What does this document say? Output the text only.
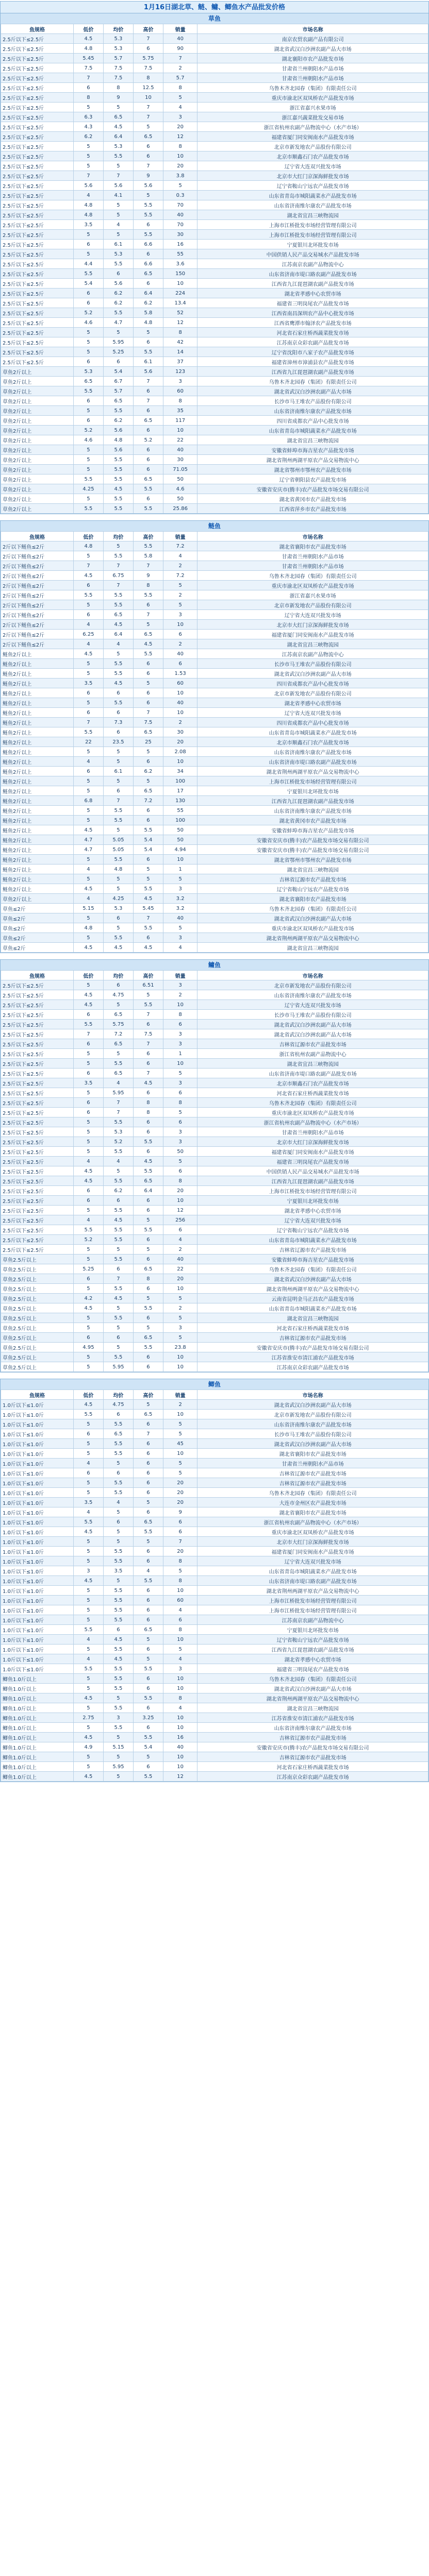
1月16日湖北草、鲢、鳙、鲫鱼水产品批发价格
草鱼
鱼规格	低价	均价	高价	销量	市场名称
2.5斤以下≤2.5斤	4.5	5.3	7	40	南京农贸农副产品有限公司
2.5斤以下≤2.5斤	4.8	5.3	6	90	湖北省武汉白沙洲农副产品大市场
2.5斤以下≤2.5斤	5.45	5.7	5.75	7	湖北襄阳市农产品批发市场
2.5斤以下≤2.5斤	7.5	7.5	7.5	2	甘肃省兰州朝阳水产品市场
2.5斤以下≤2.5斤	7	7.5	8	5.7	甘肃省兰州朝阳水产品市场
2.5斤以下≤2.5斤	6	8	12.5	8	乌鲁木齐北园春（集团）有限责任公司
2.5斤以下≤2.5斤	8	9	10	5	重庆市渝北区双凤桥农产品批发市场
2.5斤以下≤2.5斤	5	5	7	4	浙江省嘉兴水果市场
2.5斤以下≤2.5斤	6.3	6.5	7	3	浙江嘉兴蔬菜批发交易市场
2.5斤以下≤2.5斤	4.3	4.5	5	20	浙江省杭州农副产品物流中心（水产市场）
2.5斤以下≤2.5斤	6.2	6.4	6.5	12	福建省厦门同安闽南水产品批发市场
2.5斤以下≤2.5斤	5	5.3	6	8	北京市新发地农产品股份有限公司
2.5斤以下≤2.5斤	5	5.5	6	10	北京市顺鑫石门农产品批发市场
2.5斤以下≤2.5斤	5	5	7	20	辽宁省大连双兴批发市场
2.5斤以下≤2.5斤	7	7	9	3.8	北京市大红门京深海鲜批发市场
2.5斤以下≤2.5斤	5.6	5.6	5.6	5	辽宁省鞍山宁远农产品批发市场
2.5斤以下≤2.5斤	4	4.1	5	0.3	山东省青岛市城阳蔬菜水产品批发市场
2.5斤以下≤2.5斤	4.8	5	5.5	70	山东省济南维尔康农产品批发市场
2.5斤以下≤2.5斤	4.8	5	5.5	40	湖北省宜昌三峡物流园
2.5斤以下≤2.5斤	3.5	4	6	70	上海市江桥批发市场经营管理有限公司
2.5斤以下≤2.5斤	5	5	5.5	30	上海市江桥批发市场经营管理有限公司
2.5斤以下≤2.5斤	6	6.1	6.6	16	宁夏银川北环批发市场
2.5斤以下≤2.5斤	5	5.3	6	55	中国供销人民产品交易城水产品批发市场
2.5斤以下≤2.5斤	4.4	5.5	6.6	3.6	江苏南京农副产品物流中心
2.5斤以下≤2.5斤	5.5	6	6.5	150	山东省济南市堤口路农副产品批发市场
2.5斤以下≤2.5斤	5.4	5.6	6	10	江西省九江琵琶湖农副产品批发市场
2.5斤以下≤2.5斤	6	6.2	6.4	224	湖北省孝感中心农贸市场
2.5斤以下≤2.5斤	6	6.2	6.2	13.4	福建省三明岗尾农产品批发市场
2.5斤以下≤2.5斤	5.2	5.5	5.8	52	江西省南昌深圳农产品中心批发市场
2.5斤以下≤2.5斤	4.6	4.7	4.8	12	江西省鹰潭市翰泽农产品批发市场
2.5斤以下≤2.5斤	5	5	5	8	河北省石家庄桥西蔬菜批发市场
2.5斤以下≤2.5斤	5	5.95	6	42	江苏南京众彩农副产品批发市场
2.5斤以下≤2.5斤	5	5.25	5.5	14	辽宁省沈阳市八家子农产品批发市场
2.5斤以下≤2.5斤	6	6	6.1	37	福建省漳州市漳浦县农产品批发市场
草鱼2斤以上	5.3	5.4	5.6	123	江西省九江琵琶湖农副产品批发市场
草鱼2斤以上	6.5	6.7	7	3	乌鲁木齐北园春（集团）有限责任公司
草鱼2斤以上	5.5	5.7	6	60	湖北省武汉白沙洲农副产品大市场
草鱼2斤以上	6	6.5	7	8	长沙市马王堆农产品股份有限公司
草鱼2斤以上	5	5.5	6	35	山东省济南维尔康农产品批发市场
草鱼2斤以上	6	6.2	6.5	117	四川省成都农产品中心批发市场
草鱼2斤以上	5.2	5.6	6	10	山东省青岛市城阳蔬菜水产品批发市场
草鱼2斤以上	4.6	4.8	5.2	22	湖北省宜昌三峡物流园
草鱼2斤以上	5	5.6	6	40	安徽省蚌埠市海吉星农产品批发市场
草鱼2斤以上	5	5.5	6	30	湖北省荆州两湖平原农产品交易物流中心
草鱼2斤以上	5	5.5	6	71.05	湖北省鄂州市鄂州农产品批发市场
草鱼2斤以上	5.5	5.5	6.5	50	辽宁省朝阳县农产品批发市场
草鱼2斤以上	4.25	4.5	5.5	4.6	安徽省安庆市(腾丰)农产品批发市场交易有限公司
草鱼2斤以上	5	5.5	6	50	湖北省黄冈市农产品批发市场
草鱼2斤以上	5.5	5.5	5.5	25.86	江西省萍乡市农产品批发市场
鲢鱼
鱼规格	低价	均价	高价	销量	市场名称
2斤以下鲢鱼≤2斤	4.8	5	5.5	7.2	湖北省襄阳市农产品批发市场
2斤以下鲢鱼≤2斤	5	5.5	5.8	4	甘肃省兰州朝阳水产品市场
2斤以下鲢鱼≤2斤	7	7	7	2	甘肃省兰州朝阳水产品市场
2斤以下鲢鱼≤2斤	4.5	6.75	9	7.2	乌鲁木齐北园春（集团）有限责任公司
2斤以下鲢鱼≤2斤	6	7	8	5	重庆市渝北区双凤桥农产品批发市场
2斤以下鲢鱼≤2斤	5.5	5.5	5.5	2	浙江省嘉兴水果市场
2斤以下鲢鱼≤2斤	5	5.5	6	5	北京市新发地农产品股份有限公司
2斤以下鲢鱼≤2斤	6	6.5	7	3	辽宁省大连双兴批发市场
2斤以下鲢鱼≤2斤	4	4.5	5	10	北京市大红门京深海鲜批发市场
2斤以下鲢鱼≤2斤	6.25	6.4	6.5	6	福建省厦门同安闽南水产品批发市场
2斤以下鲢鱼≤2斤	4	4	4.5	2	湖北省宜昌三峡物流园
鲢鱼2斤以上	4.5	5	5.5	40	江苏南京农副产品物流中心
鲢鱼2斤以上	5	5.5	6	6	长沙市马王堆农产品股份有限公司
鲢鱼2斤以上	5	5.5	6	1.53	湖北省武汉白沙洲农副产品大市场
鲢鱼2斤以上	3.5	4.5	5	60	四川省成都农产品中心批发市场
鲢鱼2斤以上	6	6	6	10	北京市新发地农产品股份有限公司
鲢鱼2斤以上	5	5.5	6	40	湖北省孝感中心农贸市场
鲢鱼2斤以上	6	6	7	10	辽宁省大连双兴批发市场
鲢鱼2斤以上	7	7.3	7.5	2	四川省成都农产品中心批发市场
鲢鱼2斤以上	5.5	6	6.5	30	山东省青岛市城阳蔬菜水产品批发市场
鲢鱼2斤以上	22	23.5	25	20	北京市顺鑫石门农产品批发市场
鲢鱼2斤以上	5	5	5	2.08	山东省济南维尔康农产品批发市场
鲢鱼2斤以上	4	5	6	10	山东省济南市堤口路农副产品批发市场
鲢鱼2斤以上	6	6.1	6.2	34	湖北省荆州两湖平原农产品交易物流中心
鲢鱼2斤以上	5	5	5	100	上海市江桥批发市场经营管理有限公司
鲢鱼2斤以上	5	6	6.5	17	宁夏银川北环批发市场
鲢鱼2斤以上	6.8	7	7.2	130	江西省九江琵琶湖农副产品批发市场
鲢鱼2斤以上	5	5.5	6	55	山东省济南维尔康农产品批发市场
鲢鱼2斤以上	5	5.5	6	100	湖北省黄冈市农产品批发市场
鲢鱼2斤以上	4.5	5	5.5	50	安徽省蚌埠市海吉星农产品批发市场
鲢鱼2斤以上	4.7	5.05	5.4	50	安徽省安庆市(腾丰)农产品批发市场交易有限公司
鲢鱼2斤以上	4.7	5.05	5.4	4.94	安徽省安庆市(腾丰)农产品批发市场交易有限公司
鲢鱼2斤以上	5	5.5	6	10	湖北省鄂州市鄂州农产品批发市场
鲢鱼2斤以上	4	4.8	5	1	湖北省宜昌三峡物流园
鲢鱼2斤以上	5	5	5	5	吉林省辽源市农产品批发市场
鲢鱼2斤以上	4.5	5	5.5	3	辽宁省鞍山宁远农产品批发市场
草鱼2斤以上	4	4.25	4.5	3.2	湖北省襄阳市农产品批发市场
草鱼≤2斤	5.15	5.3	5.45	3.2	乌鲁木齐北园春（集团）有限责任公司
草鱼≤2斤	5	6	7	40	湖北省武汉白沙洲农副产品大市场
草鱼≤2斤	4.8	5	5.5	5	重庆市渝北区双凤桥农产品批发市场
草鱼≤2斤	5	5.5	6	3	湖北省荆州两湖平原农产品交易物流中心
草鱼≤2斤	4.5	4.5	4.5	4	湖北省宜昌三峡物流园
鳙鱼
鱼规格	低价	均价	高价	销量	市场名称
2.5斤以下≤2.5斤	5	6	6.51	3	北京市新发地农产品股份有限公司
2.5斤以下≤2.5斤	4.5	4.75	5	2	山东省济南维尔康农产品批发市场
2.5斤以下≤2.5斤	4.5	5	5.5	10	辽宁省大连双兴批发市场
2.5斤以下≤2.5斤	6	6.5	7	8	长沙市马王堆农产品股份有限公司
2.5斤以下≤2.5斤	5.5	5.75	6	6	湖北省武汉白沙洲农副产品大市场
2.5斤以下≤2.5斤	7	7.2	7.5	3	湖北省武汉白沙洲农副产品大市场
2.5斤以下≤2.5斤	6	6.5	7	3	吉林省辽源市农产品批发市场
2.5斤以下≤2.5斤	5	5	6	1	浙江省杭州农副产品物流中心
2.5斤以下≤2.5斤	5	5.5	6	10	湖北省宜昌三峡物流园
2.5斤以下≤2.5斤	6	6.5	7	5	山东省济南市堤口路农副产品批发市场
2.5斤以下≤2.5斤	3.5	4	4.5	3	北京市顺鑫石门农产品批发市场
2.5斤以下≤2.5斤	5	5.95	6	6	河北省石家庄桥西蔬菜批发市场
2.5斤以下≤2.5斤	6	7	8	8	乌鲁木齐北园春（集团）有限责任公司
2.5斤以下≤2.5斤	6	7	8	5	重庆市渝北区双凤桥农产品批发市场
2.5斤以下≤2.5斤	5	5.5	6	6	浙江省杭州农副产品物流中心（水产市场）
2.5斤以下≤2.5斤	5	5.3	6	3	甘肃省兰州朝阳水产品市场
2.5斤以下≤2.5斤	5	5.2	5.5	3	北京市大红门京深海鲜批发市场
2.5斤以下≤2.5斤	5	5.5	6	50	福建省厦门同安闽南水产品批发市场
2.5斤以下≤2.5斤	4	4	4.5	5	福建省三明岗尾农产品批发市场
2.5斤以下≤2.5斤	4.5	5	5.5	6	中国供销人民产品交易城水产品批发市场
2.5斤以下≤2.5斤	4.5	5.5	6.5	8	江西省九江琵琶湖农副产品批发市场
2.5斤以下≤2.5斤	6	6.2	6.4	20	上海市江桥批发市场经营管理有限公司
2.5斤以下≤2.5斤	6	6	6	10	宁夏银川北环批发市场
2.5斤以下≤2.5斤	5	5.5	6	12	湖北省孝感中心农贸市场
2.5斤以下≤2.5斤	4	4.5	5	256	辽宁省大连双兴批发市场
2.5斤以下≤2.5斤	5.5	5.5	5.5	6	辽宁省鞍山宁远农产品批发市场
2.5斤以下≤2.5斤	5.2	5.5	6	4	山东省青岛市城阳蔬菜水产品批发市场
2.5斤以下≤2.5斤	5	5	5	2	吉林省辽源市农产品批发市场
草鱼2.5斤以上	5	5.5	6	40	安徽省蚌埠市海吉星农产品批发市场
草鱼2.5斤以上	5.25	6	6.5	22	乌鲁木齐北园春（集团）有限责任公司
草鱼2.5斤以上	6	7	8	20	湖北省武汉白沙洲农副产品大市场
草鱼2.5斤以上	5	5.5	6	10	湖北省荆州两湖平原农产品交易物流中心
草鱼2.5斤以上	4.2	4.5	5	5	云南省昆明金马正昌农产品批发市场
草鱼2.5斤以上	4.5	5	5.5	2	山东省青岛市城阳蔬菜水产品批发市场
草鱼2.5斤以上	5	5.5	6	5	湖北省宜昌三峡物流园
草鱼2.5斤以上	5	5	5	3	河北省石家庄桥西蔬菜批发市场
草鱼2.5斤以上	6	6	6.5	5	吉林省辽源市农产品批发市场
草鱼2.5斤以上	4.95	5	5.5	23.8	安徽省安庆市(腾丰)农产品批发市场交易有限公司
草鱼2.5斤以上	5	5.5	6	10	江苏省淮安市清江浦农产品批发市场
草鱼2.5斤以上	5	5.95	6	10	江苏南京众彩农副产品批发市场
鲫鱼
鱼规格	低价	均价	高价	销量	市场名称
1.0斤以下≤1.0斤	4.5	4.75	5	2	湖北省武汉白沙洲农副产品大市场
1.0斤以下≤1.0斤	5.5	6	6.5	10	北京市新发地农产品股份有限公司
1.0斤以下≤1.0斤	5	5.5	6	5	山东省济南维尔康农产品批发市场
1.0斤以下≤1.0斤	6	6.5	7	5	长沙市马王堆农产品股份有限公司
1.0斤以下≤1.0斤	5	5.5	6	45	湖北省武汉白沙洲农副产品大市场
1.0斤以下≤1.0斤	5	5.5	6	10	湖北省襄阳市农产品批发市场
1.0斤以下≤1.0斤	4	5	6	5	甘肃省兰州朝阳水产品市场
1.0斤以下≤1.0斤	6	6	6	5	吉林省辽源市农产品批发市场
1.0斤以下≤1.0斤	5	5.5	6	20	吉林省辽源市农产品批发市场
1.0斤以下≤1.0斤	5	5.5	6	20	乌鲁木齐北园春（集团）有限责任公司
1.0斤以下≤1.0斤	3.5	4	5	20	大连市金州区农产品批发市场
1.0斤以下≤1.0斤	4	5	6	9	湖北省襄阳市农产品批发市场
1.0斤以下≤1.0斤	5.5	6	6.5	6	浙江省杭州农副产品物流中心（水产市场）
1.0斤以下≤1.0斤	4.5	5	5.5	6	重庆市渝北区双凤桥农产品批发市场
1.0斤以下≤1.0斤	5	5	5	7	北京市大红门京深海鲜批发市场
1.0斤以下≤1.0斤	5	5.5	6	20	福建省厦门同安闽南水产品批发市场
1.0斤以下≤1.0斤	5	5.5	6	8	辽宁省大连双兴批发市场
1.0斤以下≤1.0斤	3	3.5	4	5	山东省青岛市城阳蔬菜水产品批发市场
1.0斤以下≤1.0斤	4.5	5	5.5	8	山东省济南市堤口路农副产品批发市场
1.0斤以下≤1.0斤	5	5.5	6	10	湖北省荆州两湖平原农产品交易物流中心
1.0斤以下≤1.0斤	5	5.5	6	60	上海市江桥批发市场经营管理有限公司
1.0斤以下≤1.0斤	5	5.5	6	4	上海市江桥批发市场经营管理有限公司
1.0斤以下≤1.0斤	5	5.5	6	6	江苏南京农副产品物流中心
1.0斤以下≤1.0斤	5.5	6	6.5	8	宁夏银川北环批发市场
1.0斤以下≤1.0斤	4	4.5	5	10	辽宁省鞍山宁远农产品批发市场
1.0斤以下≤1.0斤	5	5.5	6	5	江西省九江琵琶湖农副产品批发市场
1.0斤以下≤1.0斤	4	4.5	5	4	湖北省孝感中心农贸市场
1.0斤以下≤1.0斤	5.5	5.5	5.5	3	福建省三明岗尾农产品批发市场
鲫鱼1.0斤以上	5	5.5	6	10	乌鲁木齐北园春（集团）有限责任公司
鲫鱼1.0斤以上	5	5.5	6	10	湖北省武汉白沙洲农副产品大市场
鲫鱼1.0斤以上	4.5	5	5.5	8	湖北省荆州两湖平原农产品交易物流中心
鲫鱼1.0斤以上	5	5.5	6	4	湖北省宜昌三峡物流园
鲫鱼1.0斤以上	2.75	3	3.25	10	江苏省淮安市清江浦农产品批发市场
鲫鱼1.0斤以上	5	5.5	6	10	山东省济南维尔康农产品批发市场
鲫鱼1.0斤以上	4.5	5	5.5	16	吉林省辽源市农产品批发市场
鲫鱼1.0斤以上	4.9	5.15	5.4	40	安徽省安庆市(腾丰)农产品批发市场交易有限公司
鲫鱼1.0斤以上	5	5	5	10	吉林省辽源市农产品批发市场
鲫鱼1.0斤以上	5	5.95	6	10	河北省石家庄桥西蔬菜批发市场
鲫鱼1.0斤以上	4.5	5	5.5	12	江苏南京众彩农副产品批发市场
